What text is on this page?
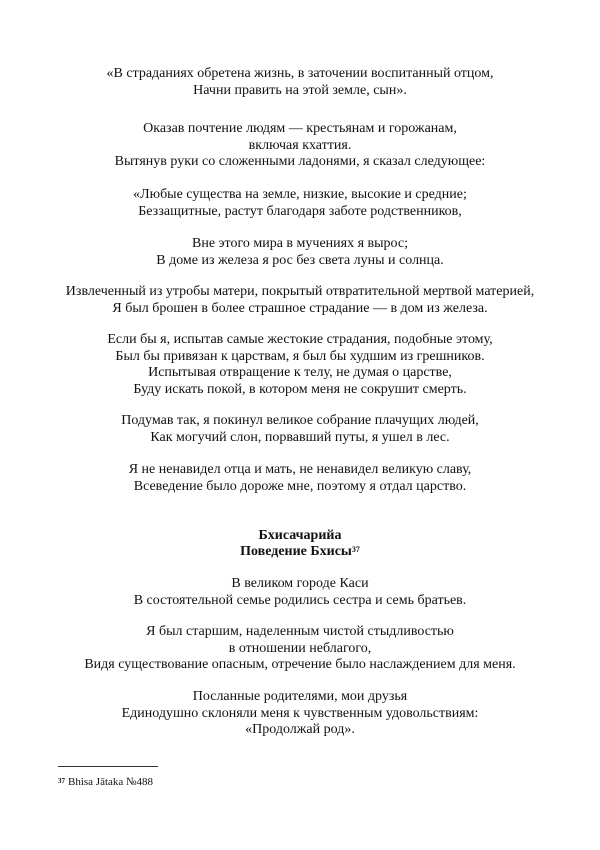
«В страданиях обретена жизнь, в заточении воспитанный отцом,
Начни править на этой земле, сын».
Оказав почтение людям — крестьянам и горожанам,
включая кхаттия.
Вытянув руки со сложенными ладонями, я сказал следующее:
«Любые существа на земле, низкие, высокие и средние;
Беззащитные, растут благодаря заботе родственников,
Вне этого мира в мучениях я вырос;
В доме из железа я рос без света луны и солнца.
Извлеченный из утробы матери, покрытый отвратительной мертвой материей,
Я был брошен в более страшное страдание — в дом из железа.
Если бы я, испытав самые жестокие страдания, подобные этому,
Был бы привязан к царствам, я был бы худшим из грешников.
Испытывая отвращение к телу, не думая о царстве,
Буду искать покой, в котором меня не сокрушит смерть.
Подумав так, я покинул великое собрание плачущих людей,
Как могучий слон, порвавший путы, я ушел в лес.
Я не ненавидел отца и мать, не ненавидел великую славу,
Всеведение было дороже мне, поэтому я отдал царство.
Бхисачарийа
Поведение Бхисы$^{37}$
В великом городе Каси
В состоятельной семье родились сестра и семь братьев.
Я был старшим, наделенным чистой стыдливостью
в отношении неблагого,
Видя существование опасным, отречение было наслаждением для меня.
Посланные родителями, мои друзья
Единодушно склоняли меня к чувственным удовольствиям:
«Продолжай род».
$^{37}$ Bhisa Jātaka №488
